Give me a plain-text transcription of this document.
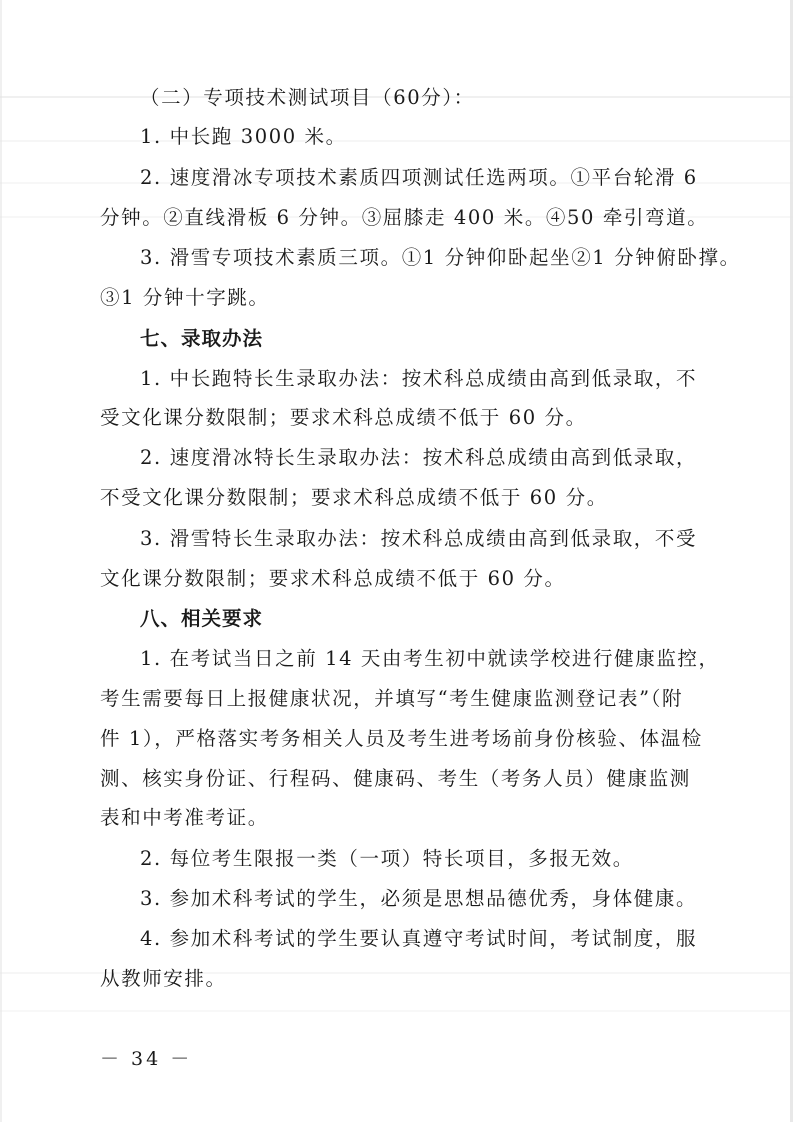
（二）专项技术测试项目（60分）：
1. 中长跑 3000 米。
2. 速度滑冰专项技术素质四项测试任选两项。①平台轮滑 6
分钟。②直线滑板 6 分钟。③屈膝走 400 米。④50 牵引弯道。
3. 滑雪专项技术素质三项。①1 分钟仰卧起坐②1 分钟俯卧撑。
③1 分钟十字跳。
七、录取办法
1. 中长跑特长生录取办法：按术科总成绩由高到低录取，不
受文化课分数限制；要求术科总成绩不低于 60 分。
2. 速度滑冰特长生录取办法：按术科总成绩由高到低录取，
不受文化课分数限制；要求术科总成绩不低于 60 分。
3. 滑雪特长生录取办法：按术科总成绩由高到低录取，不受
文化课分数限制；要求术科总成绩不低于 60 分。
八、相关要求
1. 在考试当日之前 14 天由考生初中就读学校进行健康监控，
考生需要每日上报健康状况，并填写“考生健康监测登记表”（附
件 1），严格落实考务相关人员及考生进考场前身份核验、体温检
测、核实身份证、行程码、健康码、考生（考务人员）健康监测
表和中考准考证。
2. 每位考生限报一类（一项）特长项目，多报无效。
3. 参加术科考试的学生，必须是思想品德优秀，身体健康。
4. 参加术科考试的学生要认真遵守考试时间，考试制度，服
从教师安排。
－ 34 －
